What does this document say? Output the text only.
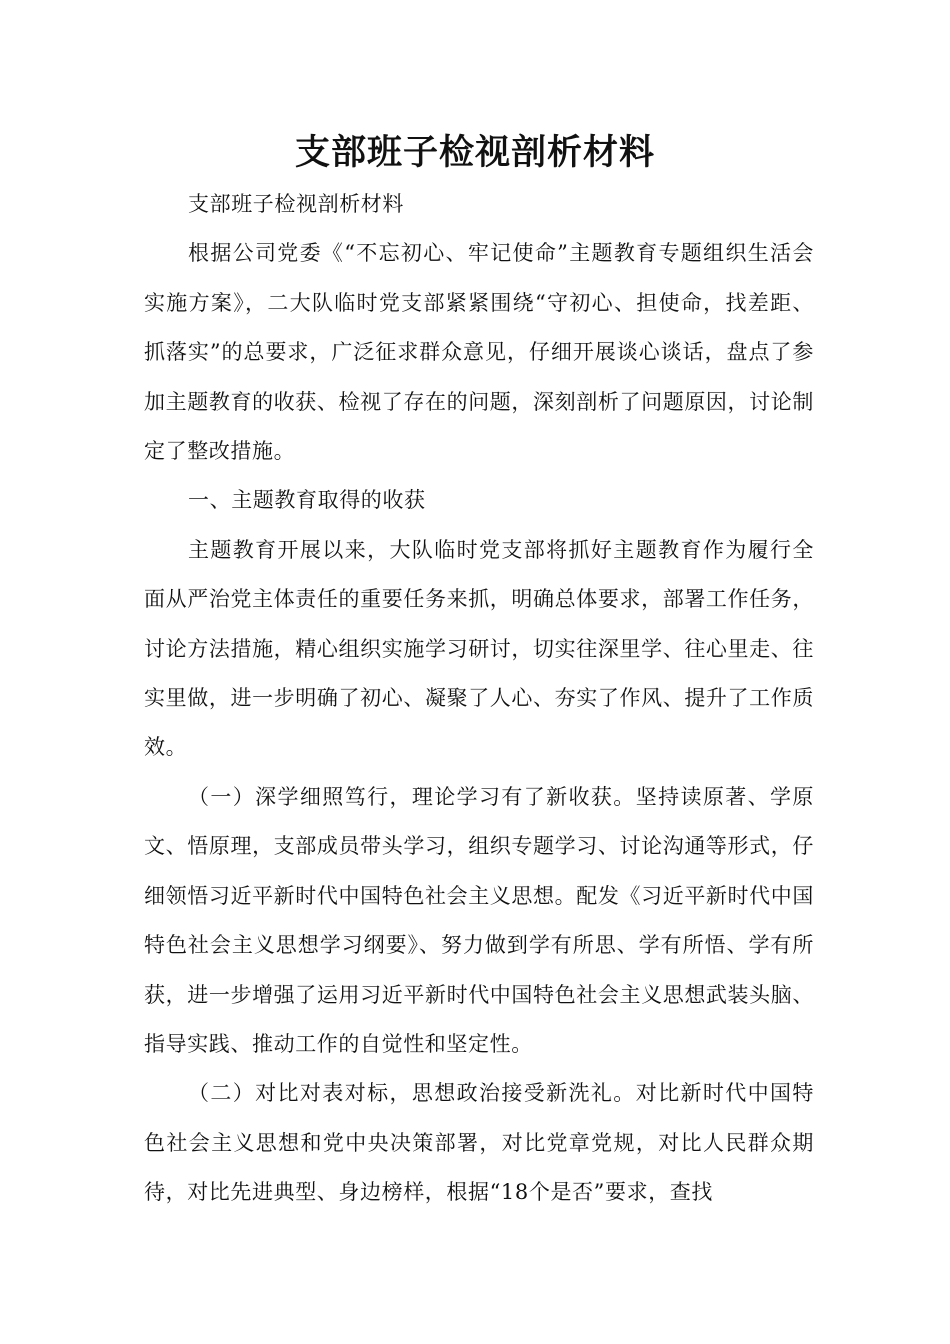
支部班子检视剖析材料

支部班子检视剖析材料

根据公司党委《“不忘初心、牢记使命”主题教育专题组织生活会实施方案》，二大队临时党支部紧紧围绕“守初心、担使命，找差距、抓落实”的总要求，广泛征求群众意见，仔细开展谈心谈话，盘点了参加主题教育的收获、检视了存在的问题，深刻剖析了问题原因，讨论制定了整改措施。

一、主题教育取得的收获

主题教育开展以来，大队临时党支部将抓好主题教育作为履行全面从严治党主体责任的重要任务来抓，明确总体要求，部署工作任务，讨论方法措施，精心组织实施学习研讨，切实往深里学、往心里走、往实里做，进一步明确了初心、凝聚了人心、夯实了作风、提升了工作质效。

（一）深学细照笃行，理论学习有了新收获。坚持读原著、学原文、悟原理，支部成员带头学习，组织专题学习、讨论沟通等形式，仔细领悟习近平新时代中国特色社会主义思想。配发《习近平新时代中国特色社会主义思想学习纲要》、努力做到学有所思、学有所悟、学有所获，进一步增强了运用习近平新时代中国特色社会主义思想武装头脑、指导实践、推动工作的自觉性和坚定性。

（二）对比对表对标，思想政治接受新洗礼。对比新时代中国特色社会主义思想和党中央决策部署，对比党章党规，对比人民群众期待，对比先进典型、身边榜样，根据“18个是否”要求，查找
